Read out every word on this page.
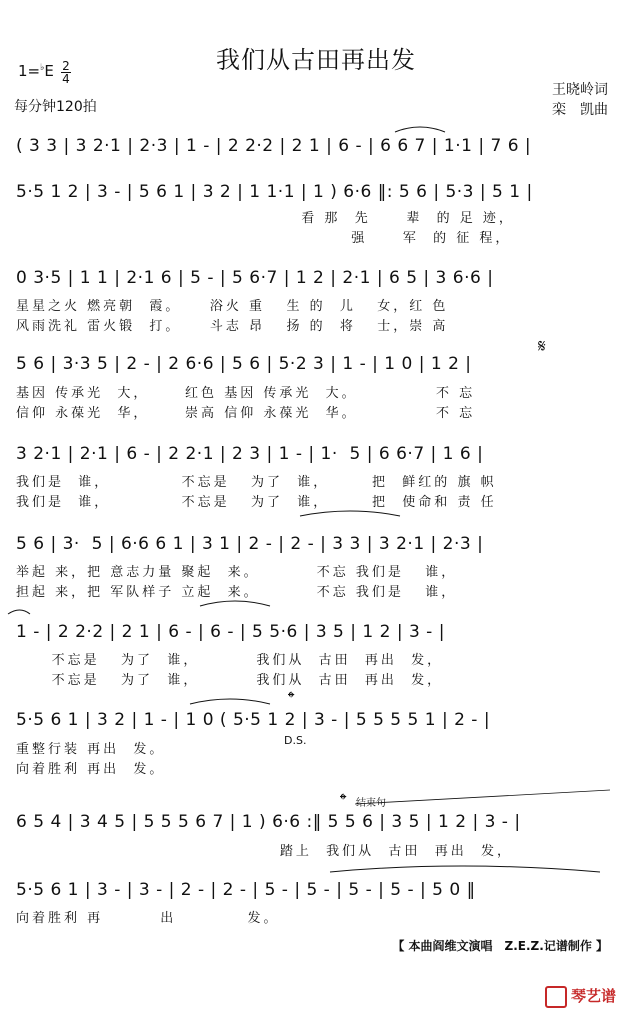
我们从古田再出发
1=♭E 2
4
每分钟120拍
王晓岭词
栾　凯曲
( 3 3 | 3 2·1 | 2·3 | 1 - | 2 2·2 | 2 1 | 6 - | 6 6 7 | 1·1 | 7 6 |
5·5 1 2 | 3 - | 5 6 1 | 3 2 | 1 1·1 | 1 ) 6·6 ‖: 5 6 | 5·3 | 5 1 |
看 那  先     辈  的 足 迹，
强     军  的 征 程，
0 3·5 | 1 1 | 2·1 6 | 5 - | 5 6·7 | 1 2 | 2·1 | 6 5 | 3 6·6 |
星星之火 燃亮朝  霞。    浴火 重   生 的  儿   女，红 色
风雨洗礼 雷火锻  打。    斗志 昂   扬 的  将   士，崇 高
𝄋
5 6 | 3·3 5 | 2 - | 2 6·6 | 5 6 | 5·2 3 | 1 - | 1 0 | 1 2 |
基因 传承光  大，     红色 基因 传承光  大。           不 忘
信仰 永葆光  华，     崇高 信仰 永葆光  华。           不 忘
3 2·1 | 2·1 | 6 - | 2 2·1 | 2 3 | 1 - | 1·  5 | 6 6·7 | 1 6 |
我们是  谁，          不忘是   为了  谁，      把  鲜红的 旗 帜
我们是  谁，          不忘是   为了  谁，      把  使命和 责 任
5 6 | 3·  5 | 6·6 6 1 | 3 1 | 2 - | 2 - | 3 3 | 3 2·1 | 2·3 |
举起 来，把 意志力量 聚起  来。        不忘 我们是   谁，
担起 来，把 军队样子 立起  来。        不忘 我们是   谁，
1 - | 2 2·2 | 2 1 | 6 - | 6 - | 5 5·6 | 3 5 | 1 2 | 3 - |
不忘是   为了  谁，        我们从  古田  再出  发，
不忘是   为了  谁，        我们从  古田  再出  发，
𝄌
5·5 6 1 | 3 2 | 1 - | 1 0 ( 5·5 1 2 | 3 - | 5 5 5 5 1 | 2 - |
D.S.
重整行装 再出  发。
向着胜利 再出  发。
𝄌 结束句
6 5 4 | 3 4 5 | 5 5 5 6 7 | 1 ) 6·6 :‖ 5 5 6 | 3 5 | 1 2 | 3 - |
踏上  我们从  古田  再出  发，
5·5 6 1 | 3 - | 3 - | 2 - | 2 - | 5 - | 5 - | 5 - | 5 - | 5 0 ‖
向着胜利 再        出          发。
【 本曲阎维文演唱　Z.E.Z.记谱制作 】
琴艺谱
